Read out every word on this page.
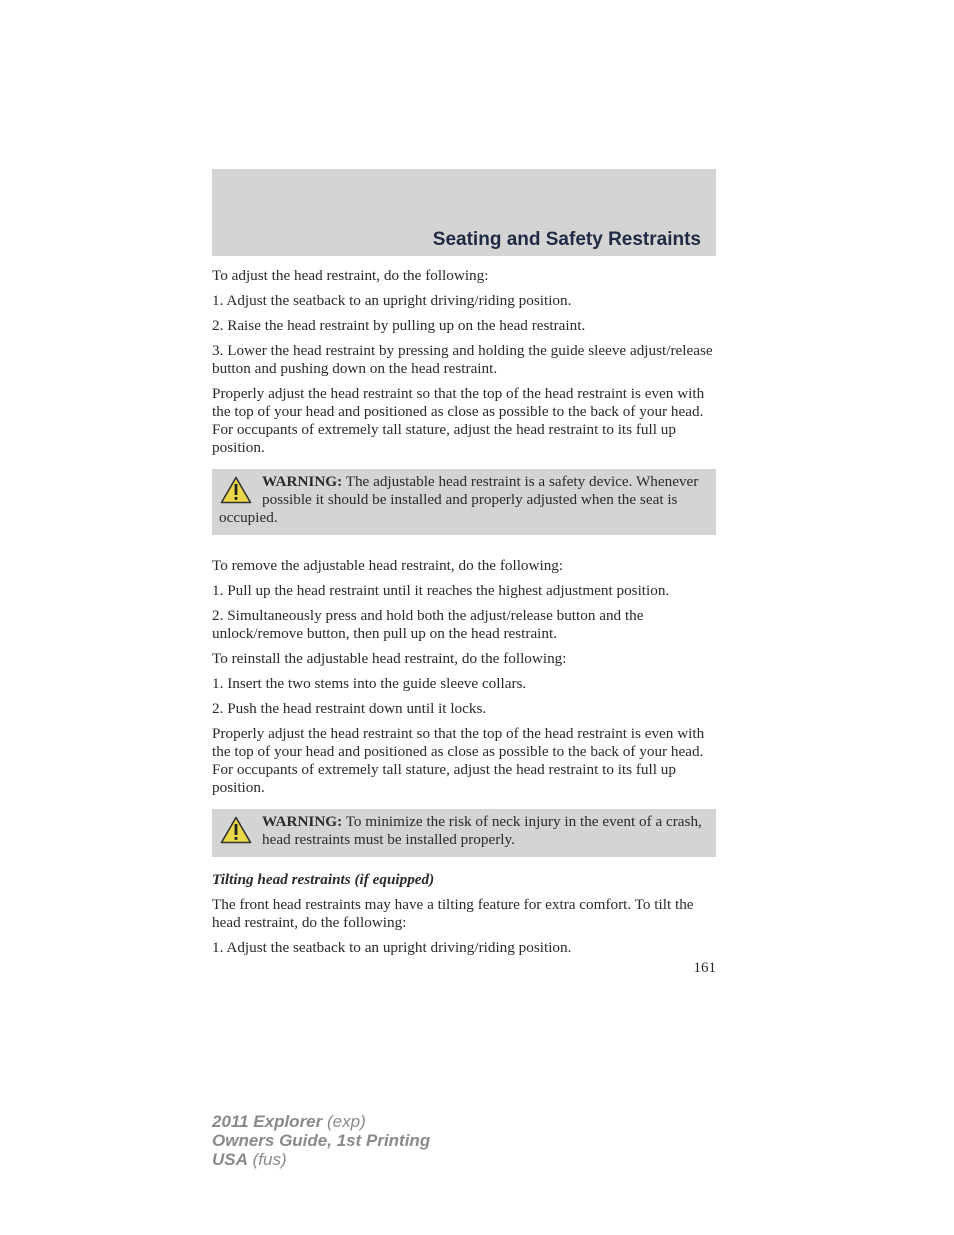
Seating and Safety Restraints

To adjust the head restraint, do the following:

1. Adjust the seatback to an upright driving/riding position.

2. Raise the head restraint by pulling up on the head restraint.

3. Lower the head restraint by pressing and holding the guide sleeve adjust/release button and pushing down on the head restraint.

Properly adjust the head restraint so that the top of the head restraint is even with the top of your head and positioned as close as possible to the back of your head. For occupants of extremely tall stature, adjust the head restraint to its full up position.

WARNING: The adjustable head restraint is a safety device. Whenever possible it should be installed and properly adjusted when the seat is occupied.

To remove the adjustable head restraint, do the following:

1. Pull up the head restraint until it reaches the highest adjustment position.

2. Simultaneously press and hold both the adjust/release button and the unlock/remove button, then pull up on the head restraint.

To reinstall the adjustable head restraint, do the following:

1. Insert the two stems into the guide sleeve collars.

2. Push the head restraint down until it locks.

Properly adjust the head restraint so that the top of the head restraint is even with the top of your head and positioned as close as possible to the back of your head. For occupants of extremely tall stature, adjust the head restraint to its full up position.

WARNING: To minimize the risk of neck injury in the event of a crash, head restraints must be installed properly.

Tilting head restraints (if equipped)

The front head restraints may have a tilting feature for extra comfort. To tilt the head restraint, do the following:

1. Adjust the seatback to an upright driving/riding position.

161
2011 Explorer (exp)
Owners Guide, 1st Printing
USA (fus)
